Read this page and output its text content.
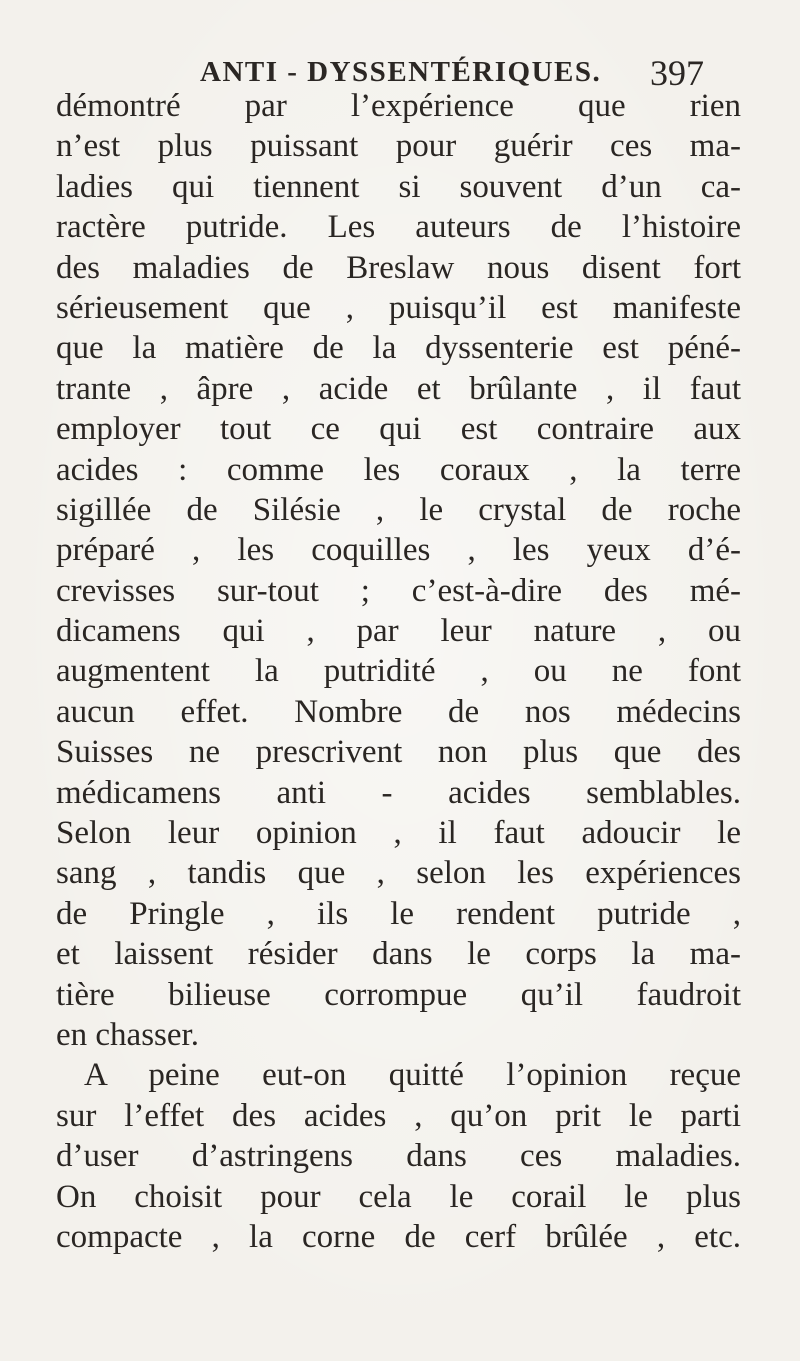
ANTI - DYSSENTÉRIQUES. 397
démontré par l’expérience que rien
n’est plus puissant pour guérir ces ma-
ladies qui tiennent si souvent d’un ca-
ractère putride. Les auteurs de l’histoire
des maladies de Breslaw nous disent fort
sérieusement que , puisqu’il est manifeste
que la matière de la dyssenterie est péné-
trante , âpre , acide et brûlante , il faut
employer tout ce qui est contraire aux
acides : comme les coraux , la terre
sigillée de Silésie , le crystal de roche
préparé , les coquilles , les yeux d’é-
crevisses sur-tout ; c’est-à-dire des mé-
dicamens qui , par leur nature , ou
augmentent la putridité , ou ne font
aucun effet. Nombre de nos médecins
Suisses ne prescrivent non plus que des
médicamens anti - acides semblables.
Selon leur opinion , il faut adoucir le
sang , tandis que , selon les expériences
de Pringle , ils le rendent putride ,
et laissent résider dans le corps la ma-
tière bilieuse corrompue qu’il faudroit
en chasser.
A peine eut-on quitté l’opinion reçue
sur l’effet des acides , qu’on prit le parti
d’user d’astringens dans ces maladies.
On choisit pour cela le corail le plus
compacte , la corne de cerf brûlée , etc.
